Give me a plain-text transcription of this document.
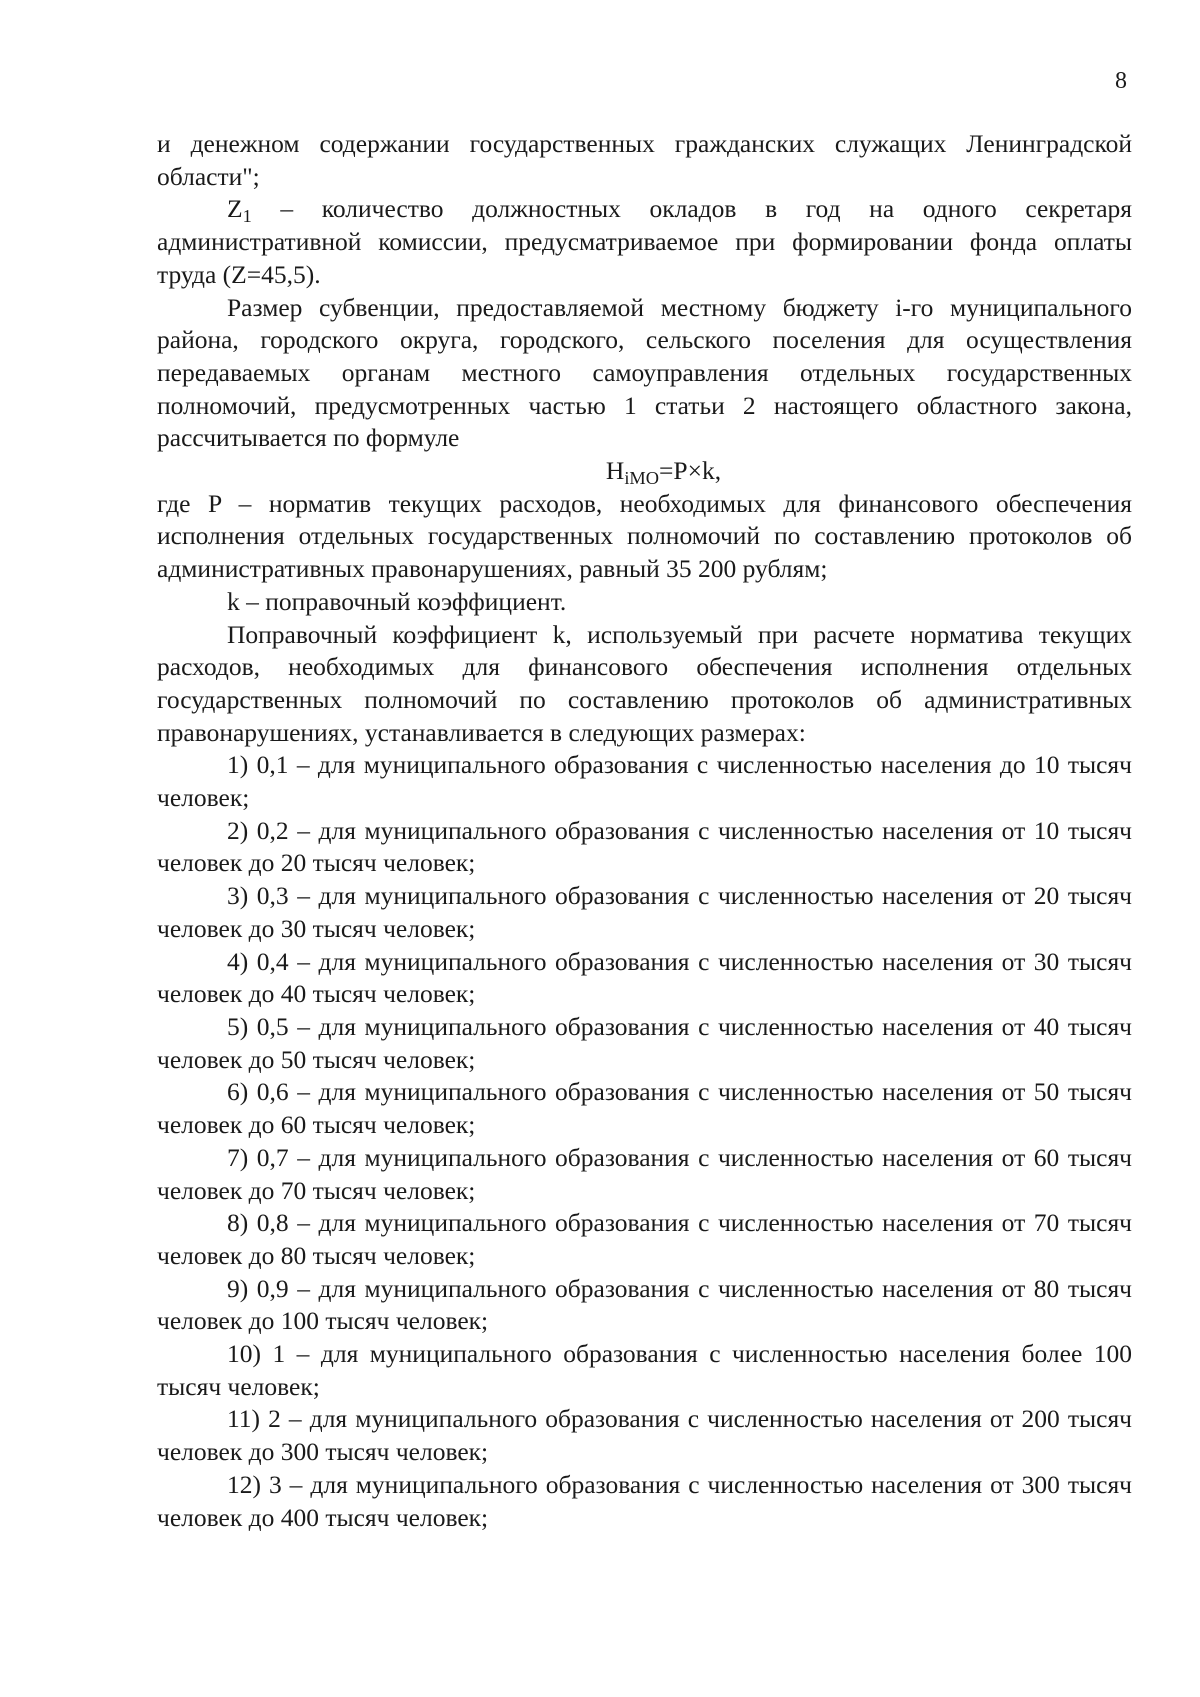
8

и денежном содержании государственных гражданских служащих Ленинградской области";

$Z_1$ – количество должностных окладов в год на одного секретаря административной комиссии, предусматриваемое при формировании фонда оплаты труда (Z=45,5).

Размер субвенции, предоставляемой местному бюджету i-го муниципального района, городского округа, городского, сельского поселения для осуществления передаваемых органам местного самоуправления отдельных государственных полномочий, предусмотренных частью 1 статьи 2 настоящего областного закона, рассчитывается по формуле

$H_{iMO}=P\times k$,

где P – норматив текущих расходов, необходимых для финансового обеспечения исполнения отдельных государственных полномочий по составлению протоколов об административных правонарушениях, равный 35 200 рублям;

k – поправочный коэффициент.

Поправочный коэффициент k, используемый при расчете норматива текущих расходов, необходимых для финансового обеспечения исполнения отдельных государственных полномочий по составлению протоколов об административных правонарушениях, устанавливается в следующих размерах:

1) 0,1 – для муниципального образования с численностью населения до 10 тысяч человек;

2) 0,2 – для муниципального образования с численностью населения от 10 тысяч человек до 20 тысяч человек;

3) 0,3 – для муниципального образования с численностью населения от 20 тысяч человек до 30 тысяч человек;

4) 0,4 – для муниципального образования с численностью населения от 30 тысяч человек до 40 тысяч человек;

5) 0,5 – для муниципального образования с численностью населения от 40 тысяч человек до 50 тысяч человек;

6) 0,6 – для муниципального образования с численностью населения от 50 тысяч человек до 60 тысяч человек;

7) 0,7 – для муниципального образования с численностью населения от 60 тысяч человек до 70 тысяч человек;

8) 0,8 – для муниципального образования с численностью населения от 70 тысяч человек до 80 тысяч человек;

9) 0,9 – для муниципального образования с численностью населения от 80 тысяч человек до 100 тысяч человек;

10) 1 – для муниципального образования с численностью населения более 100 тысяч человек;

11) 2 – для муниципального образования с численностью населения от 200 тысяч человек до 300 тысяч человек;

12) 3 – для муниципального образования с численностью населения от 300 тысяч человек до 400 тысяч человек;
